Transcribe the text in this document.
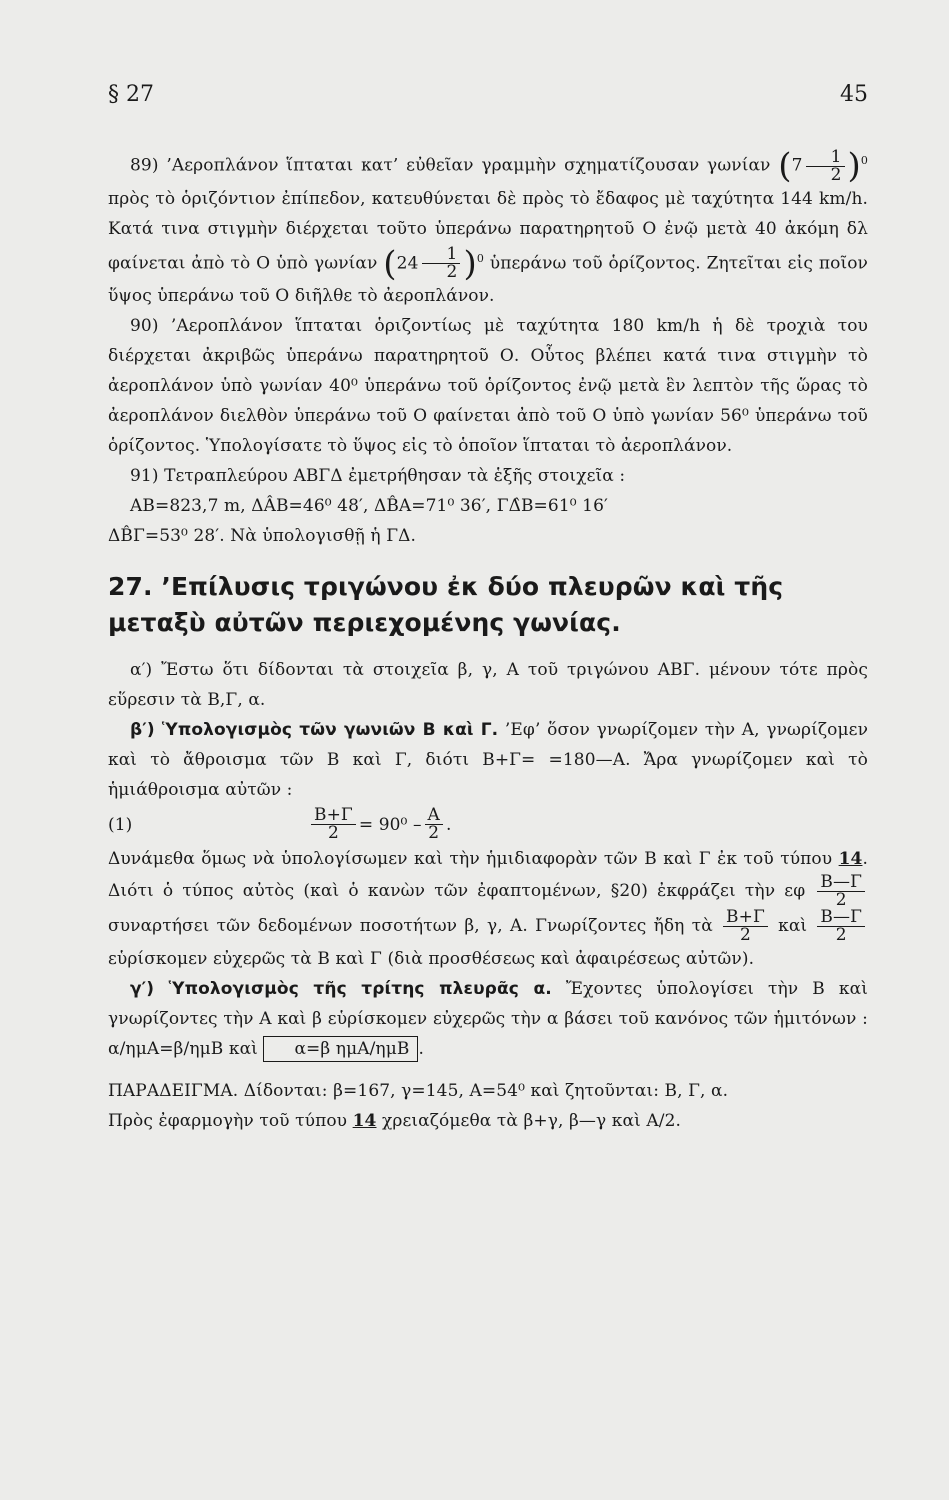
§ 27	45

89) ’Αεροπλάνον ἵπταται κατ’ εὐθεῖαν γραμμὴν σχηματίζουσαν γωνίαν $(7 \frac{1}{2} )^0$ πρὸς τὸ ὁριζόντιον ἐπίπεδον, κατευθύνεται δὲ πρὸς τὸ ἔδαφος μὲ ταχύτητα 144 km/h. Κατά τινα στιγμὴν διέρχεται τοῦτο ὑπεράνω παρατηρητοῦ Ο ἐνῷ μετὰ 40 ἀκόμη δλ φαίνεται ἀπὸ τὸ Ο ὑπὸ γωνίαν $(24 \frac{1}{2} )^0$ ὑπεράνω τοῦ ὁρίζοντος. Ζητεῖται εἰς ποῖον ὕψος ὑπεράνω τοῦ Ο διῆλθε τὸ ἀεροπλάνον.

90) ’Αεροπλάνον ἵπταται ὁριζοντίως μὲ ταχύτητα 180 km/h ἡ δὲ τροχιὰ του διέρχεται ἀκριβῶς ὑπεράνω παρατηρητοῦ Ο. Οὗτος βλέπει κατά τινα στιγμὴν τὸ ἀεροπλάνον ὑπὸ γωνίαν 40⁰ ὑπεράνω τοῦ ὁρίζοντος ἐνῷ μετὰ ἓν λεπτὸν τῆς ὥρας τὸ ἀεροπλάνον διελθὸν ὑπεράνω τοῦ Ο φαίνεται ἀπὸ τοῦ Ο ὑπὸ γωνίαν 56⁰ ὑπεράνω τοῦ ὁρίζοντος. Ὑπολογίσατε τὸ ὕψος εἰς τὸ ὁποῖον ἵπταται τὸ ἀεροπλάνον.

91) Τετραπλεύρου ΑΒΓΔ ἐμετρήθησαν τὰ ἑξῆς στοιχεῖα :

ΑΒ=823,7 m, ΔÂΒ=46⁰ 48′, ΔB̂Α=71⁰ 36′, ΓΔ̂Β=61⁰ 16′

ΔB̂Γ=53⁰ 28′. Νὰ ὑπολογισθῇ ἡ ΓΔ.

27. ’Επίλυσις τριγώνου ἐκ δύο πλευρῶν καὶ τῆς μεταξὺ αὐτῶν περιεχομένης γωνίας.

α′) Ἔστω ὅτι δίδονται τὰ στοιχεῖα β, γ, Α τοῦ τριγώνου ΑΒΓ. μένουν τότε πρὸς εὕρεσιν τὰ Β,Γ, α.

β′) Ὑπολογισμὸς τῶν γωνιῶν Β καὶ Γ. ’Εφ’ ὅσον γνωρίζομεν τὴν Α, γνωρίζομεν καὶ τὸ ἄθροισμα τῶν Β καὶ Γ, διότι Β+Γ= =180—Α. Ἄρα γνωρίζομεν καὶ τὸ ἡμιάθροισμα αὐτῶν :

(1)	$\frac{B+\Gamma}{2} = 90^0 - \frac{A}{2}$ .

Δυνάμεθα ὅμως νὰ ὑπολογίσωμεν καὶ τὴν ἡμιδιαφορὰν τῶν Β καὶ Γ ἐκ τοῦ τύπου 14. Διότι ὁ τύπος αὐτὸς (καὶ ὁ κανὼν τῶν ἐφαπτομένων, §20) ἐκφράζει τὴν εφ $\frac{B—\Gamma}{2}$
συναρτήσει τῶν δεδομένων ποσοτήτων β, γ, Α. Γνωρίζοντες ἤδη τὰ $\frac{B+\Gamma}{2}$ καὶ $\frac{B—\Gamma}{2}$
εὑρίσκομεν εὐχερῶς τὰ Β καὶ Γ (διὰ προσθέσεως καὶ ἀφαιρέσεως αὐτῶν).

γ′) Ὑπολογισμὸς τῆς τρίτης πλευρᾶς α. Ἔχοντες ὑπολογίσει τὴν Β καὶ γνωρίζοντες τὴν Α καὶ β εὑρίσκομεν εὐχερῶς τὴν α βάσει τοῦ κανόνος τῶν ἡμιτόνων : α/ημΑ=β/ημΒ καὶ α=β ημΑ/ημΒ .

ΠΑΡΑΔΕΙΓΜΑ. Δίδονται: β=167, γ=145, Α=54⁰ καὶ ζητοῦνται: Β, Γ, α.

Πρὸς ἐφαρμογὴν τοῦ τύπου 14 χρειαζόμεθα τὰ β+γ, β—γ καὶ Α/2.
